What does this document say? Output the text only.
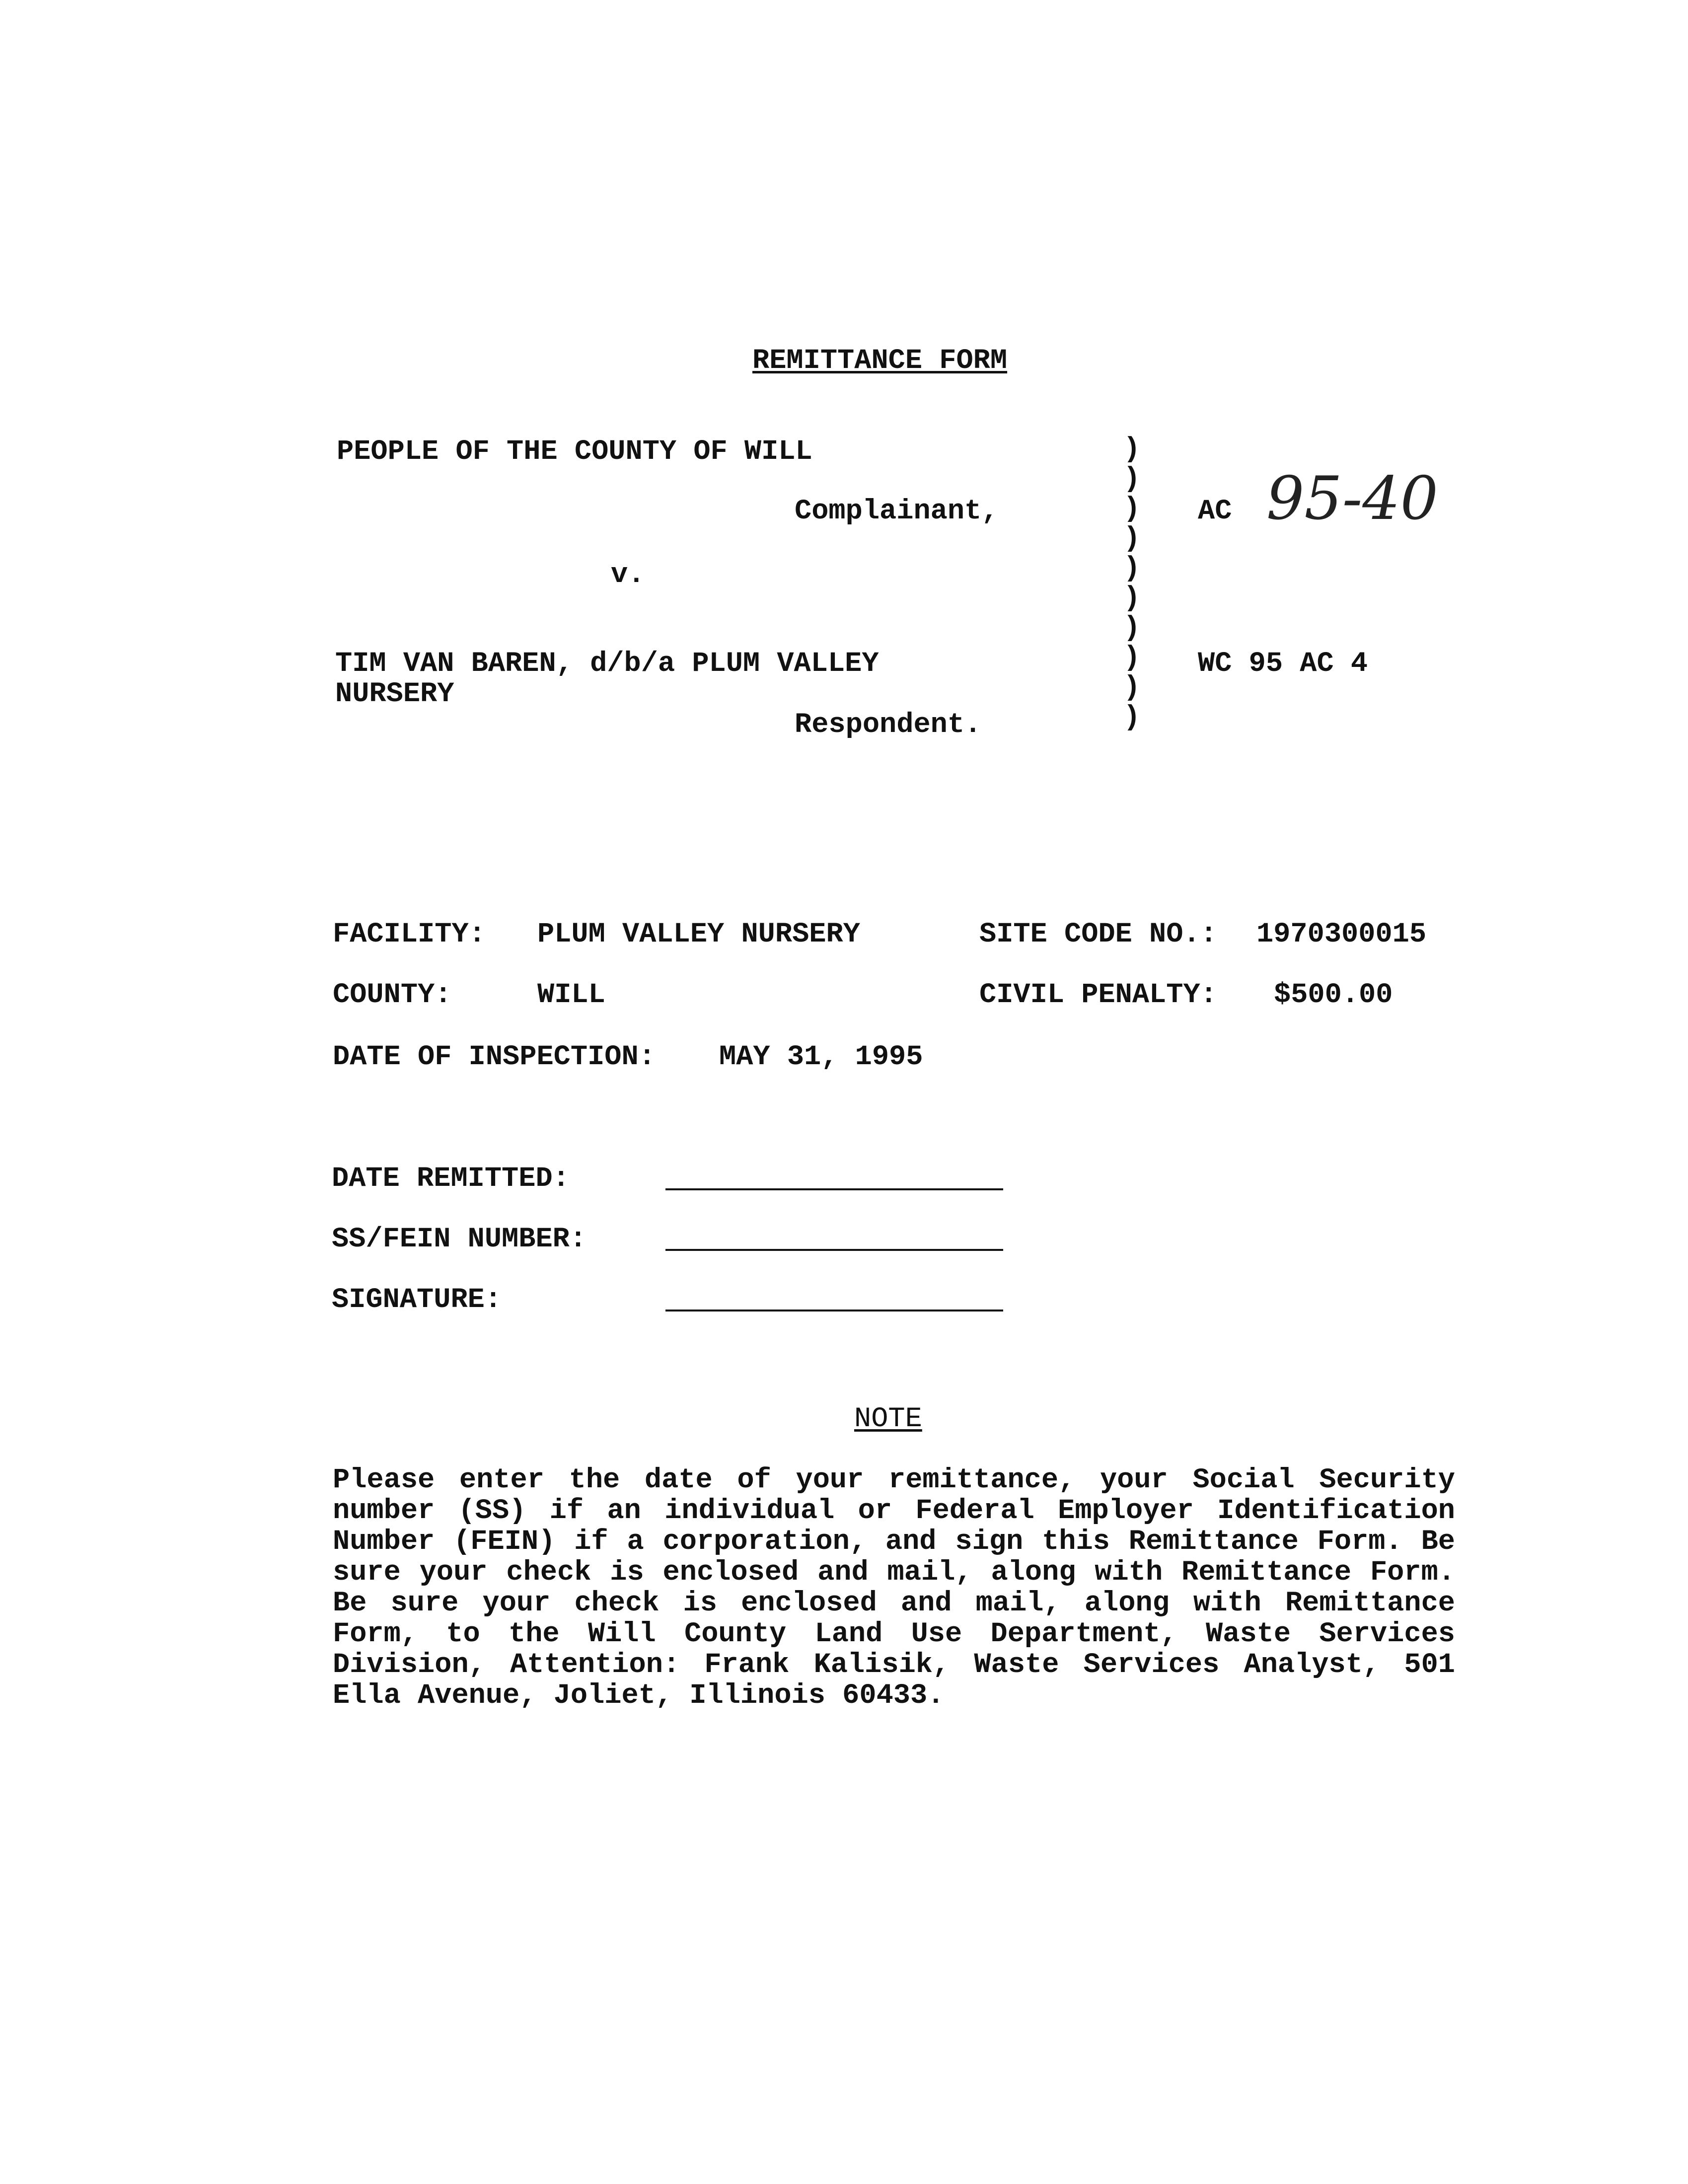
REMITTANCE FORM
PEOPLE OF THE COUNTY OF WILL
Complainant,
v.
TIM VAN BAREN, d/b/a PLUM VALLEY
NURSERY
Respondent.
)
)
)
)
)
)
)
)
)
)
AC 95-40
WC 95 AC 4
FACILITY: PLUM VALLEY NURSERY	SITE CODE NO.: 1970300015
COUNTY:	WILL	CIVIL PENALTY: $500.00
DATE OF INSPECTION: MAY 31, 1995
DATE REMITTED:
SS/FEIN NUMBER:
SIGNATURE:
NOTE
Please enter the date of your remittance, your Social Security number (SS) if an individual or Federal Employer Identification Number (FEIN) if a corporation, and sign this Remittance Form. Be sure your check is enclosed and mail, along with Remittance Form. Be sure your check is enclosed and mail, along with Remittance Form, to the Will County Land Use Department, Waste Services Division, Attention: Frank Kalisik, Waste Services Analyst, 501 Ella Avenue, Joliet, Illinois 60433.
